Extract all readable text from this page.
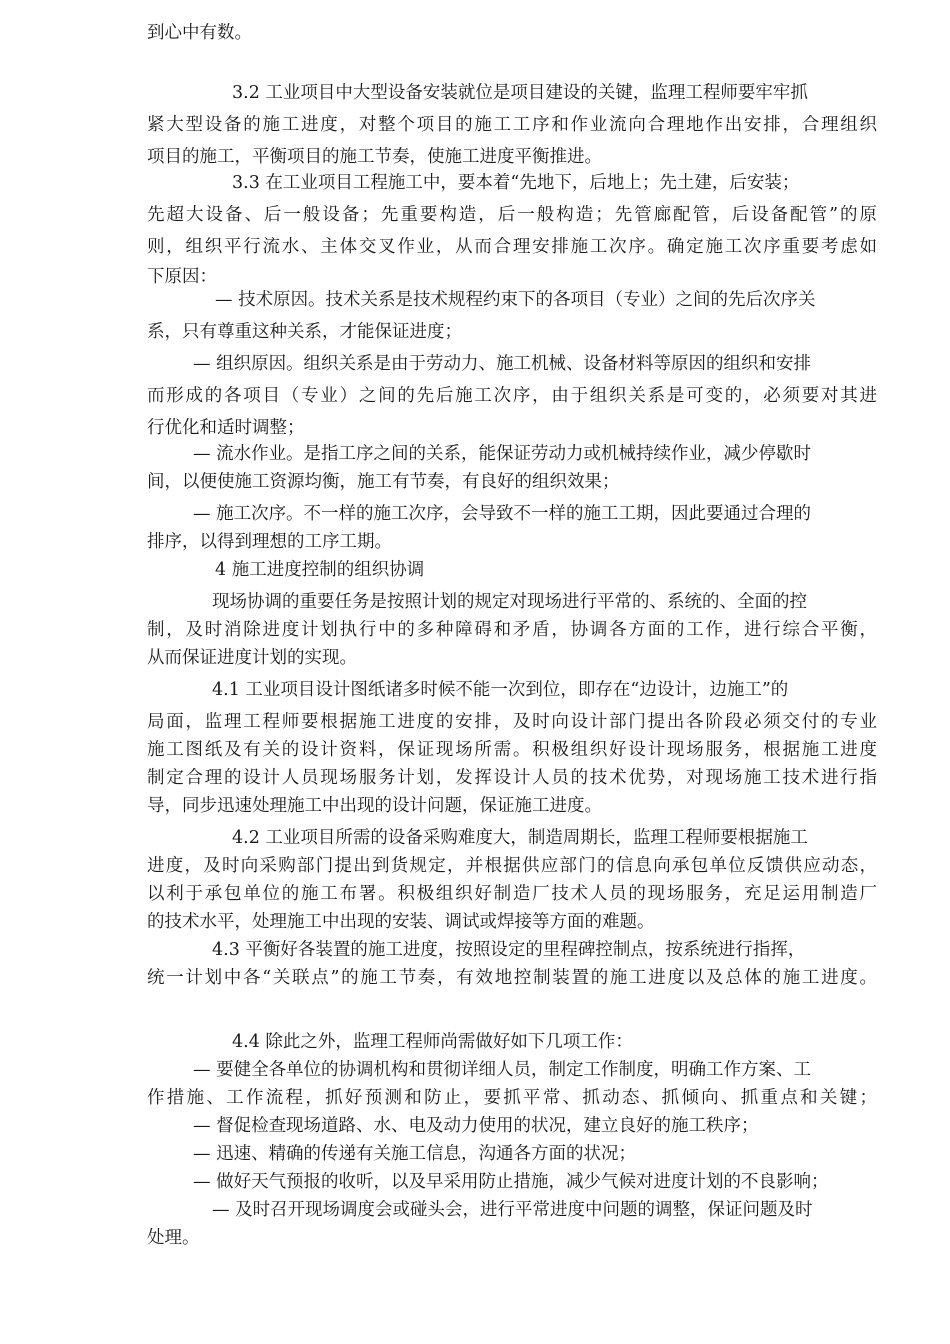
到心中有数。
3.2 工业项目中大型设备安装就位是项目建设的关键，监理工程师要牢牢抓
紧大型设备的施工进度，对整个项目的施工工序和作业流向合理地作出安排，合理组织
项目的施工，平衡项目的施工节奏，使施工进度平衡推进。
3.3 在工业项目工程施工中，要本着“先地下，后地上；先土建，后安装；
先超大设备、后一般设备；先重要构造，后一般构造；先管廊配管，后设备配管”的原
则，组织平行流水、主体交叉作业，从而合理安排施工次序。确定施工次序重要考虑如
下原因：
— 技术原因。技术关系是技术规程约束下的各项目（专业）之间的先后次序关
系，只有尊重这种关系，才能保证进度；
— 组织原因。组织关系是由于劳动力、施工机械、设备材料等原因的组织和安排
而形成的各项目（专业）之间的先后施工次序，由于组织关系是可变的，必须要对其进
行优化和适时调整；
— 流水作业。是指工序之间的关系，能保证劳动力或机械持续作业，减少停歇时
间，以便使施工资源均衡，施工有节奏，有良好的组织效果；
— 施工次序。不一样的施工次序，会导致不一样的施工工期，因此要通过合理的
排序，以得到理想的工序工期。
4 施工进度控制的组织协调
现场协调的重要任务是按照计划的规定对现场进行平常的、系统的、全面的控
制，及时消除进度计划执行中的多种障碍和矛盾，协调各方面的工作，进行综合平衡，
从而保证进度计划的实现。
4.1 工业项目设计图纸诸多时候不能一次到位，即存在“边设计，边施工”的
局面，监理工程师要根据施工进度的安排，及时向设计部门提出各阶段必须交付的专业
施工图纸及有关的设计资料，保证现场所需。积极组织好设计现场服务，根据施工进度
制定合理的设计人员现场服务计划，发挥设计人员的技术优势，对现场施工技术进行指
导，同步迅速处理施工中出现的设计问题，保证施工进度。
4.2 工业项目所需的设备采购难度大，制造周期长，监理工程师要根据施工
进度，及时向采购部门提出到货规定，并根据供应部门的信息向承包单位反馈供应动态，
以利于承包单位的施工布署。积极组织好制造厂技术人员的现场服务，充足运用制造厂
的技术水平，处理施工中出现的安装、调试或焊接等方面的难题。
4.3 平衡好各装置的施工进度，按照设定的里程碑控制点，按系统进行指挥，
统一计划中各“关联点”的施工节奏，有效地控制装置的施工进度以及总体的施工进度。
4.4 除此之外，监理工程师尚需做好如下几项工作：
— 要健全各单位的协调机构和贯彻详细人员，制定工作制度，明确工作方案、工
作措施、工作流程，抓好预测和防止，要抓平常、抓动态、抓倾向、抓重点和关键；
— 督促检查现场道路、水、电及动力使用的状况，建立良好的施工秩序；
— 迅速、精确的传递有关施工信息，沟通各方面的状况；
— 做好天气预报的收听，以及早采用防止措施，减少气候对进度计划的不良影响；
— 及时召开现场调度会或碰头会，进行平常进度中问题的调整，保证问题及时
处理。
